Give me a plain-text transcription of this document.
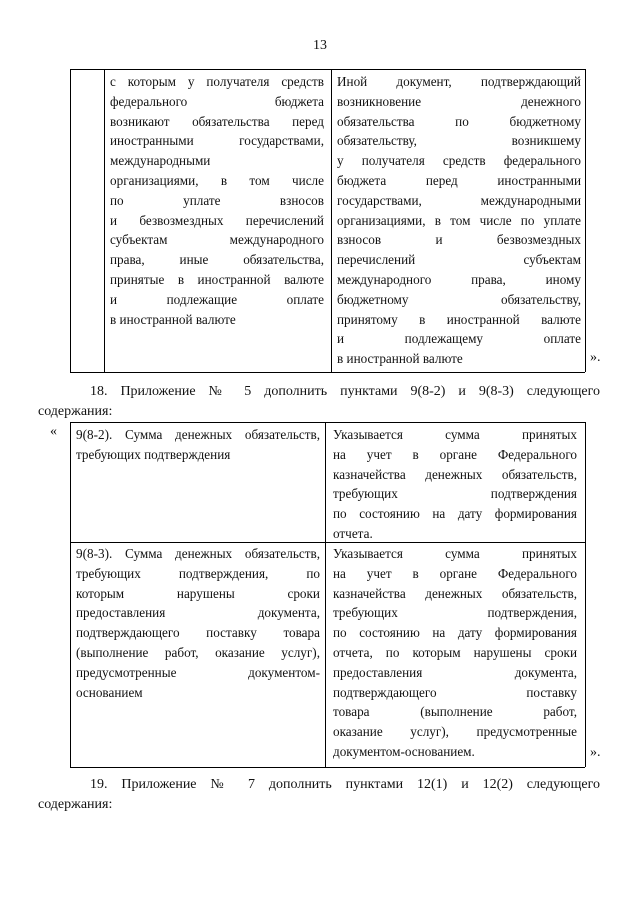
13

с которым у получателя средств

федерального бюджета

возникают обязательства перед

иностранными государствами,

международными

организациями, в том числе

по уплате взносов

и безвозмездных перечислений

субъектам международного

права, иные обязательства,

принятые в иностранной валюте

и подлежащие оплате

в иностранной валюте

Иной документ, подтверждающий

возникновение денежного

обязательства по бюджетному

обязательству, возникшему

у получателя средств федерального

бюджета перед иностранными

государствами, международными

организациями, в том числе по уплате

взносов и безвозмездных

перечислений субъектам

международного права, иному

бюджетному обязательству,

принятому в иностранной валюте

и подлежащему оплате

в иностранной валюте	».

18. Приложение № 5 дополнить пунктами 9(8-2) и 9(8-3) следующего

содержания:

« 9(8-2). Сумма денежных обязательств,

требующих подтверждения

Указывается сумма принятых

на учет в органе Федерального

казначейства денежных обязательств,

требующих подтверждения

по состоянию на дату формирования

отчета.

9(8-3). Сумма денежных обязательств,

требующих подтверждения, по

которым нарушены сроки

предоставления документа,

подтверждающего поставку товара

(выполнение работ, оказание услуг),

предусмотренные документом-

основанием

Указывается сумма принятых

на учет в органе Федерального

казначейства денежных обязательств,

требующих подтверждения,

по состоянию на дату формирования

отчета, по которым нарушены сроки

предоставления документа,

подтверждающего поставку

товара (выполнение работ,

оказание услуг), предусмотренные

документом-основанием.	».

19. Приложение № 7 дополнить пунктами 12(1) и 12(2) следующего

содержания:
